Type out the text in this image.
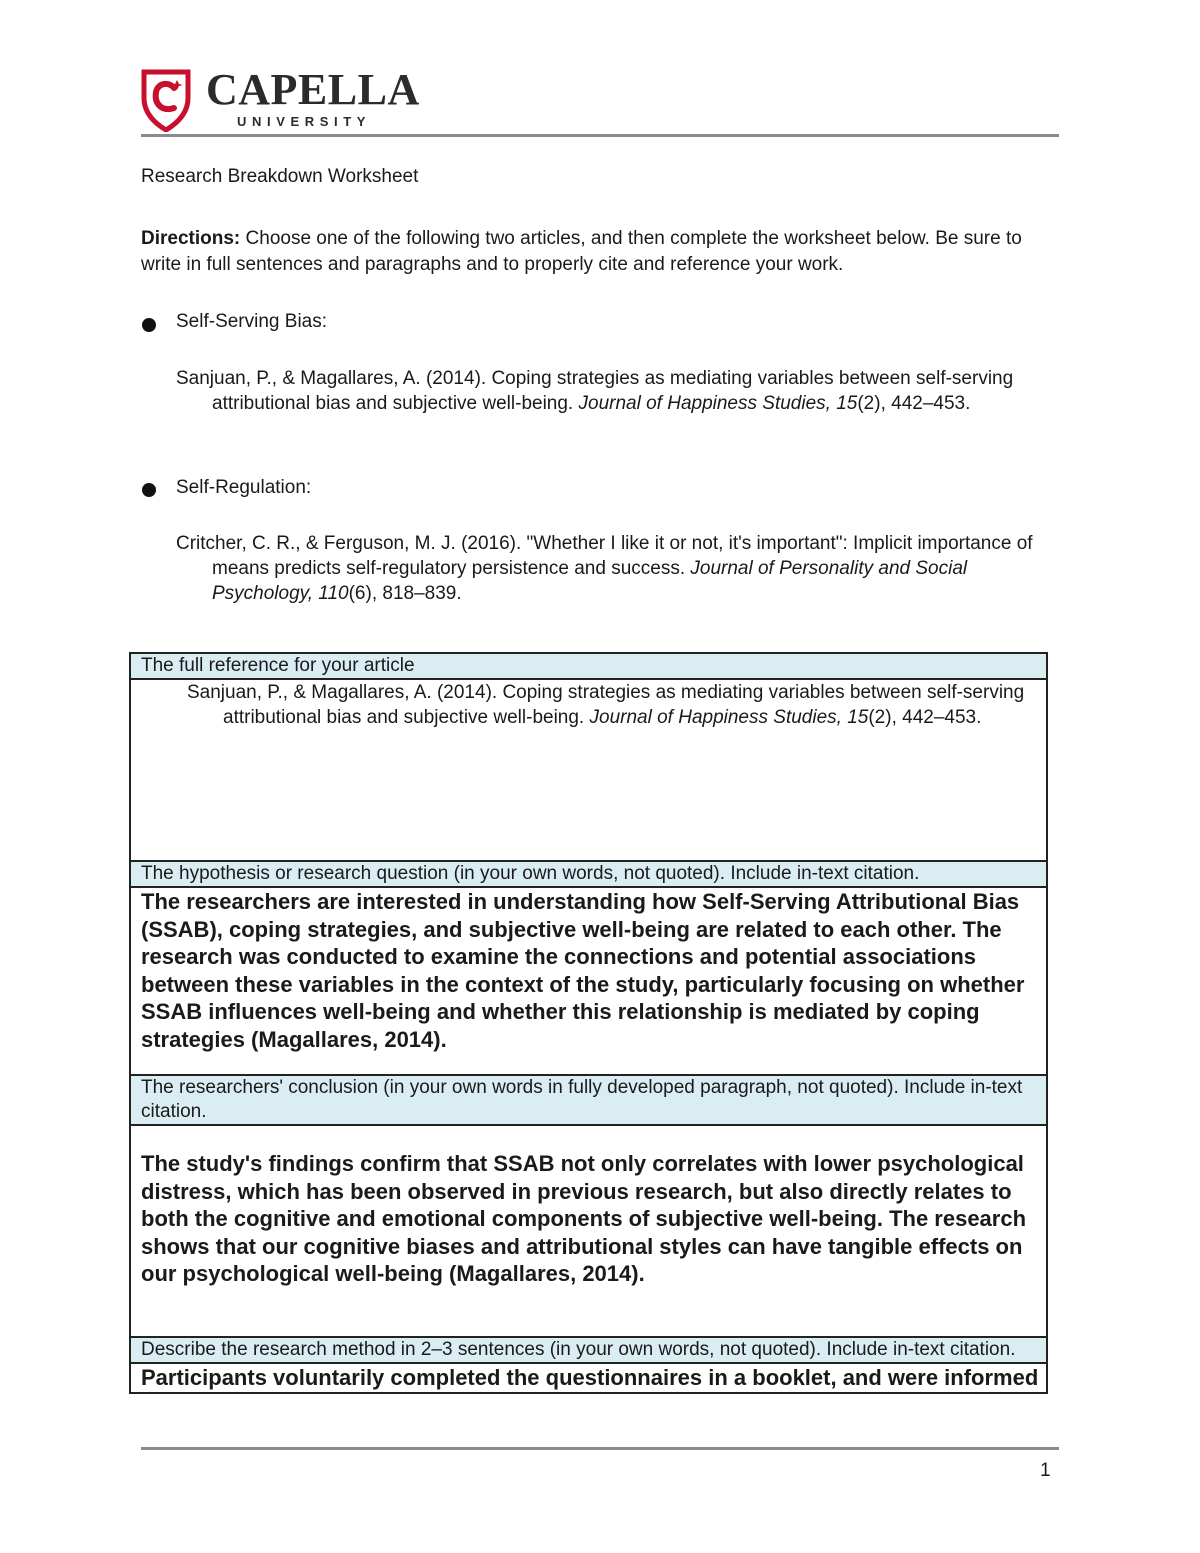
CAPELLA
UNIVERSITY
Research Breakdown Worksheet
Directions: Choose one of the following two articles, and then complete the worksheet below. Be sure to write in full sentences and paragraphs and to properly cite and reference your work.
Self-Serving Bias:
Sanjuan, P., & Magallares, A. (2014). Coping strategies as mediating variables between self-serving attributional bias and subjective well-being. Journal of Happiness Studies, 15(2), 442–453.
Self-Regulation:
Critcher, C. R., & Ferguson, M. J. (2016). "Whether I like it or not, it's important": Implicit importance of means predicts self-regulatory persistence and success. Journal of Personality and Social Psychology, 110(6), 818–839.
The full reference for your article

Sanjuan, P., & Magallares, A. (2014). Coping strategies as mediating variables between self-serving attributional bias and subjective well-being. Journal of Happiness Studies, 15(2), 442–453.

The hypothesis or research question (in your own words, not quoted). Include in-text citation.
The researchers are interested in understanding how Self-Serving Attributional Bias (SSAB), coping strategies, and subjective well-being are related to each other. The research was conducted to examine the connections and potential associations between these variables in the context of the study, particularly focusing on whether SSAB influences well-being and whether this relationship is mediated by coping strategies (Magallares, 2014).
The researchers' conclusion (in your own words in fully developed paragraph, not quoted). Include in-text citation.
The study's findings confirm that SSAB not only correlates with lower psychological distress, which has been observed in previous research, but also directly relates to both the cognitive and emotional components of subjective well-being. The research shows that our cognitive biases and attributional styles can have tangible effects on our psychological well-being (Magallares, 2014).
Describe the research method in 2–3 sentences (in your own words, not quoted). Include in-text citation.
Participants voluntarily completed the questionnaires in a booklet, and were informed
1
